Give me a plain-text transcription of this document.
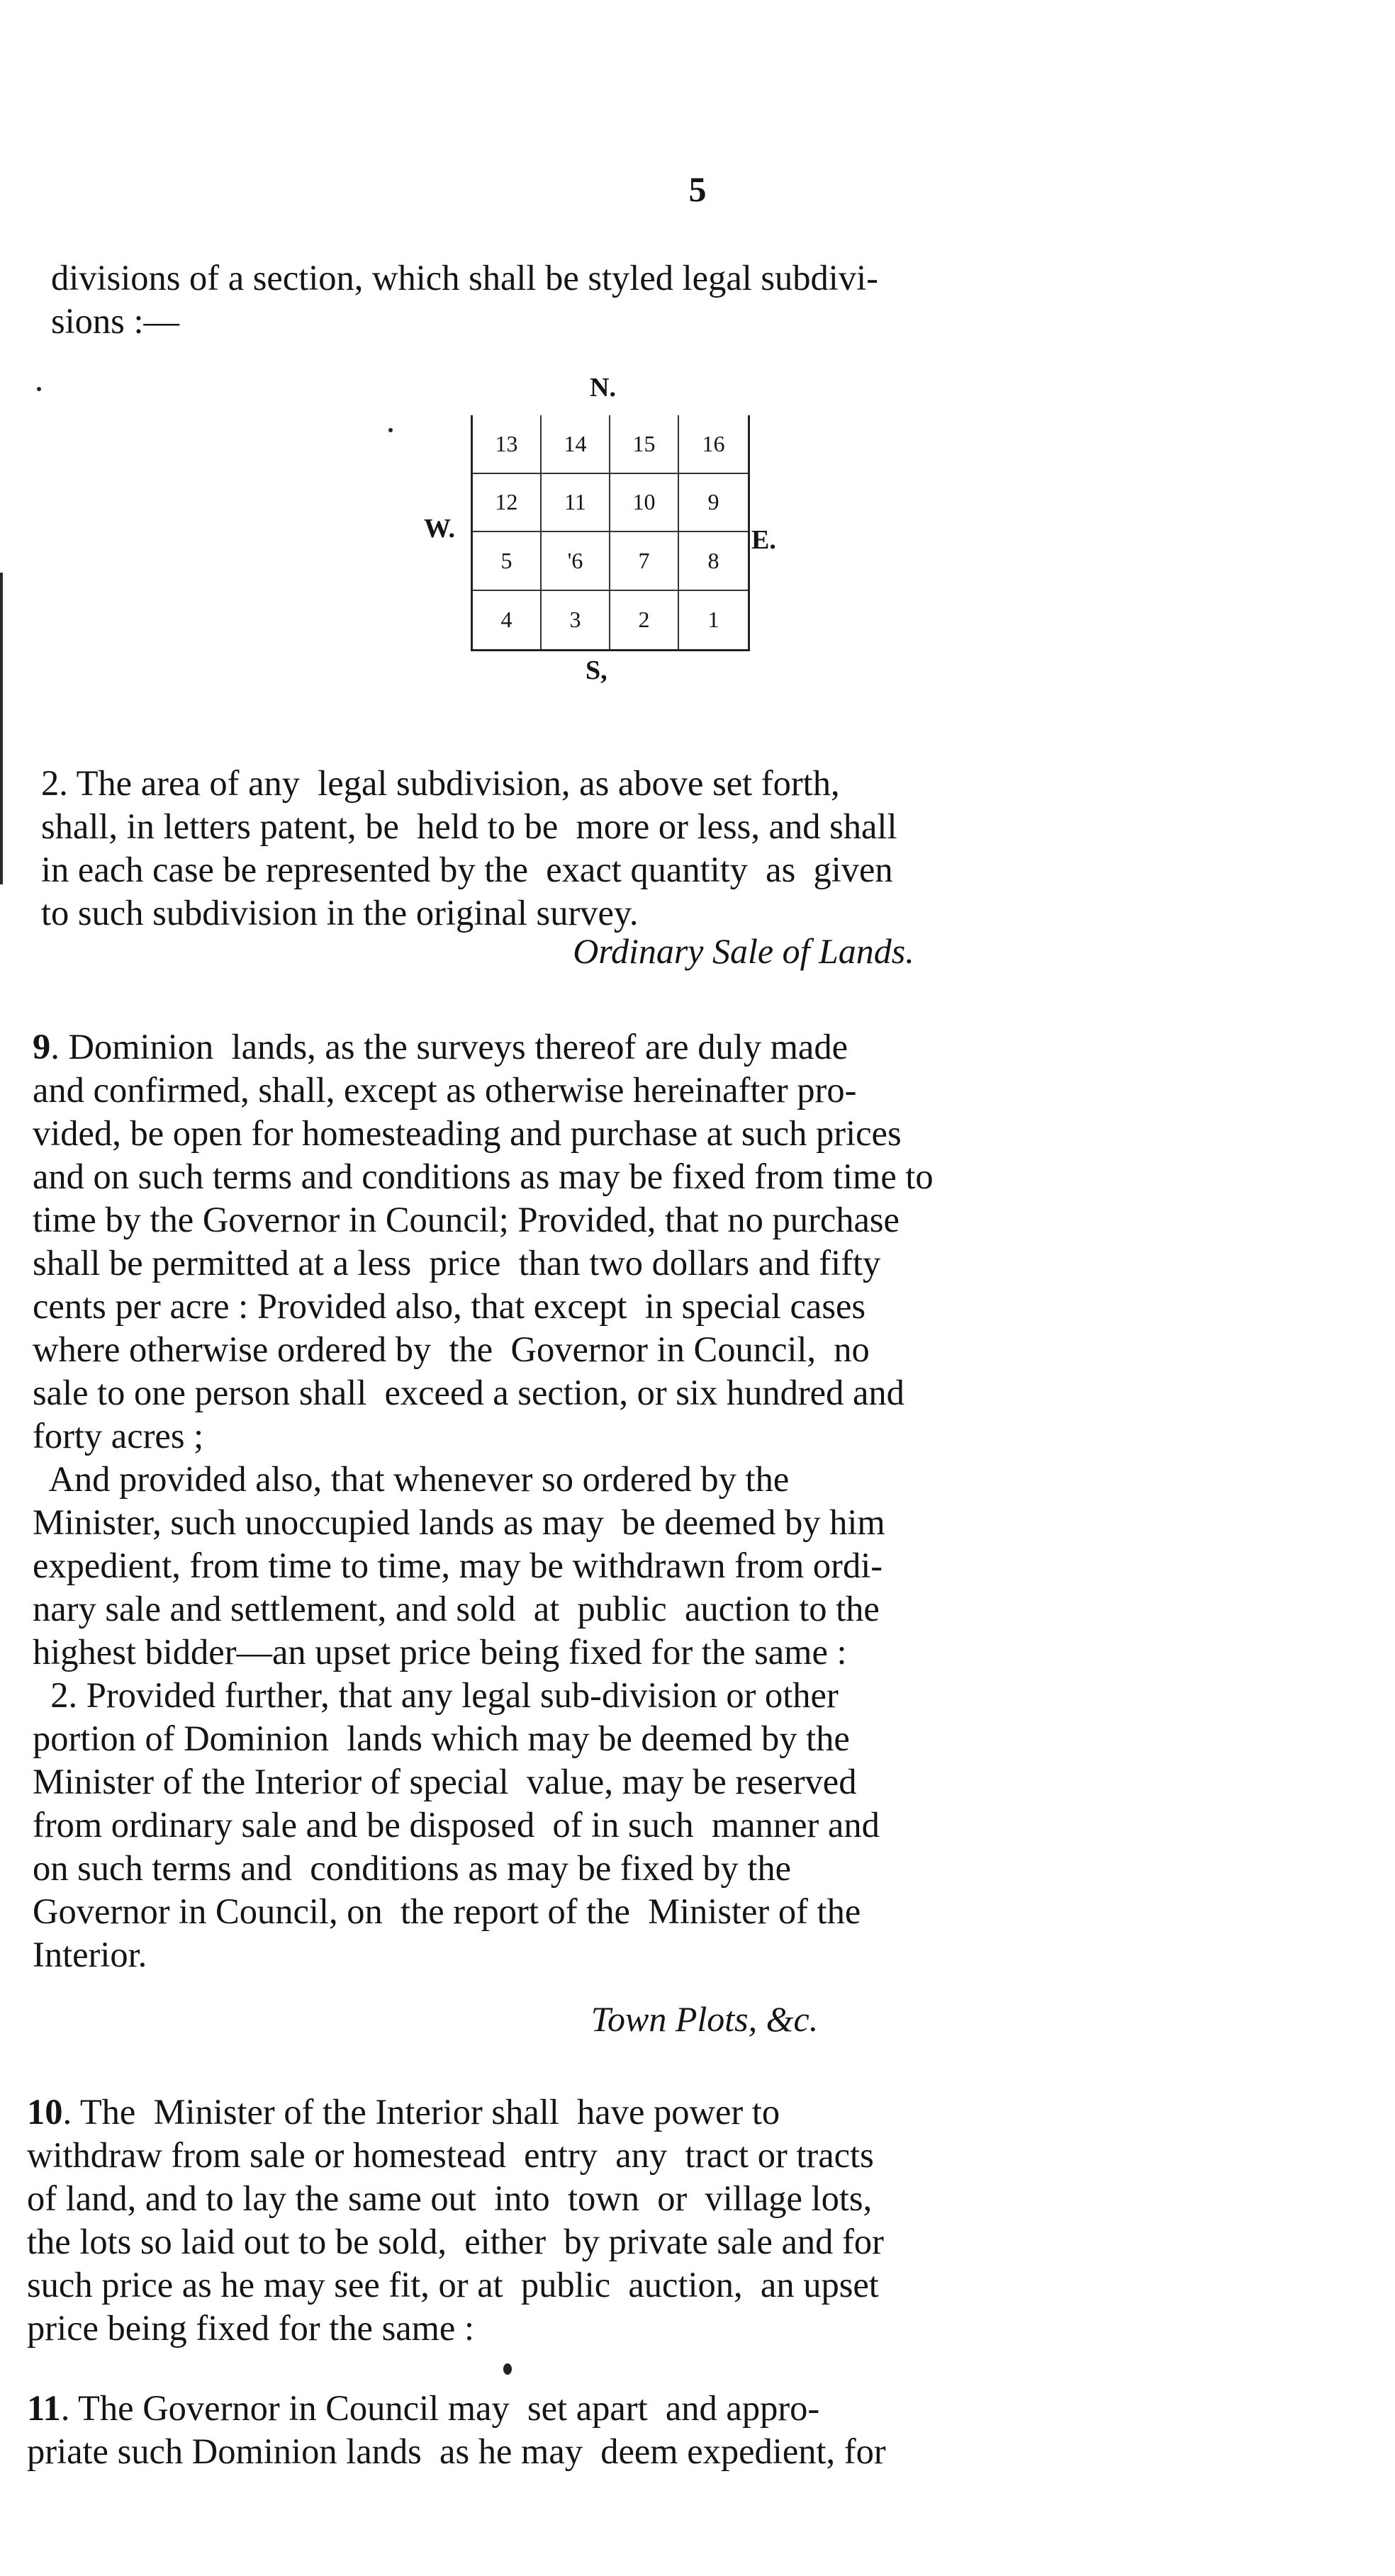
5
divisions of a section, which shall be styled legal subdivi-
sions :—
N.
S,
W.	E.
13	14	15	16
12	11	10	9
5	'6	7	8
4	3	2	1
2. The area of any  legal subdivision, as above set forth,
shall, in letters patent, be  held to be  more or less, and shall
in each case be represented by the  exact quantity  as  given
to such subdivision in the original survey.
Ordinary Sale of Lands.
9. Dominion  lands, as the surveys thereof are duly made
and confirmed, shall, except as otherwise hereinafter pro-
vided, be open for homesteading and purchase at such prices
and on such terms and conditions as may be fixed from time to
time by the Governor in Council; Provided, that no purchase
shall be permitted at a less  price  than two dollars and fifty
cents per acre : Provided also, that except  in special cases
where otherwise ordered by  the  Governor in Council,  no
sale to one person shall  exceed a section, or six hundred and
forty acres ;
And provided also, that whenever so ordered by the
Minister, such unoccupied lands as may  be deemed by him
expedient, from time to time, may be withdrawn from ordi-
nary sale and settlement, and sold  at  public  auction to the
highest bidder—an upset price being fixed for the same :
2. Provided further, that any legal sub-division or other
portion of Dominion  lands which may be deemed by the
Minister of the Interior of special  value, may be reserved
from ordinary sale and be disposed  of in such  manner and
on such terms and  conditions as may be fixed by the
Governor in Council, on  the report of the  Minister of the
Interior.
Town Plots, &c.
10. The  Minister of the Interior shall  have power to
withdraw from sale or homestead  entry  any  tract or tracts
of land, and to lay the same out  into  town  or  village lots,
the lots so laid out to be sold,  either  by private sale and for
such price as he may see fit, or at  public  auction,  an upset
price being fixed for the same :
11. The Governor in Council may  set apart  and appro-
priate such Dominion lands  as he may  deem expedient, for
